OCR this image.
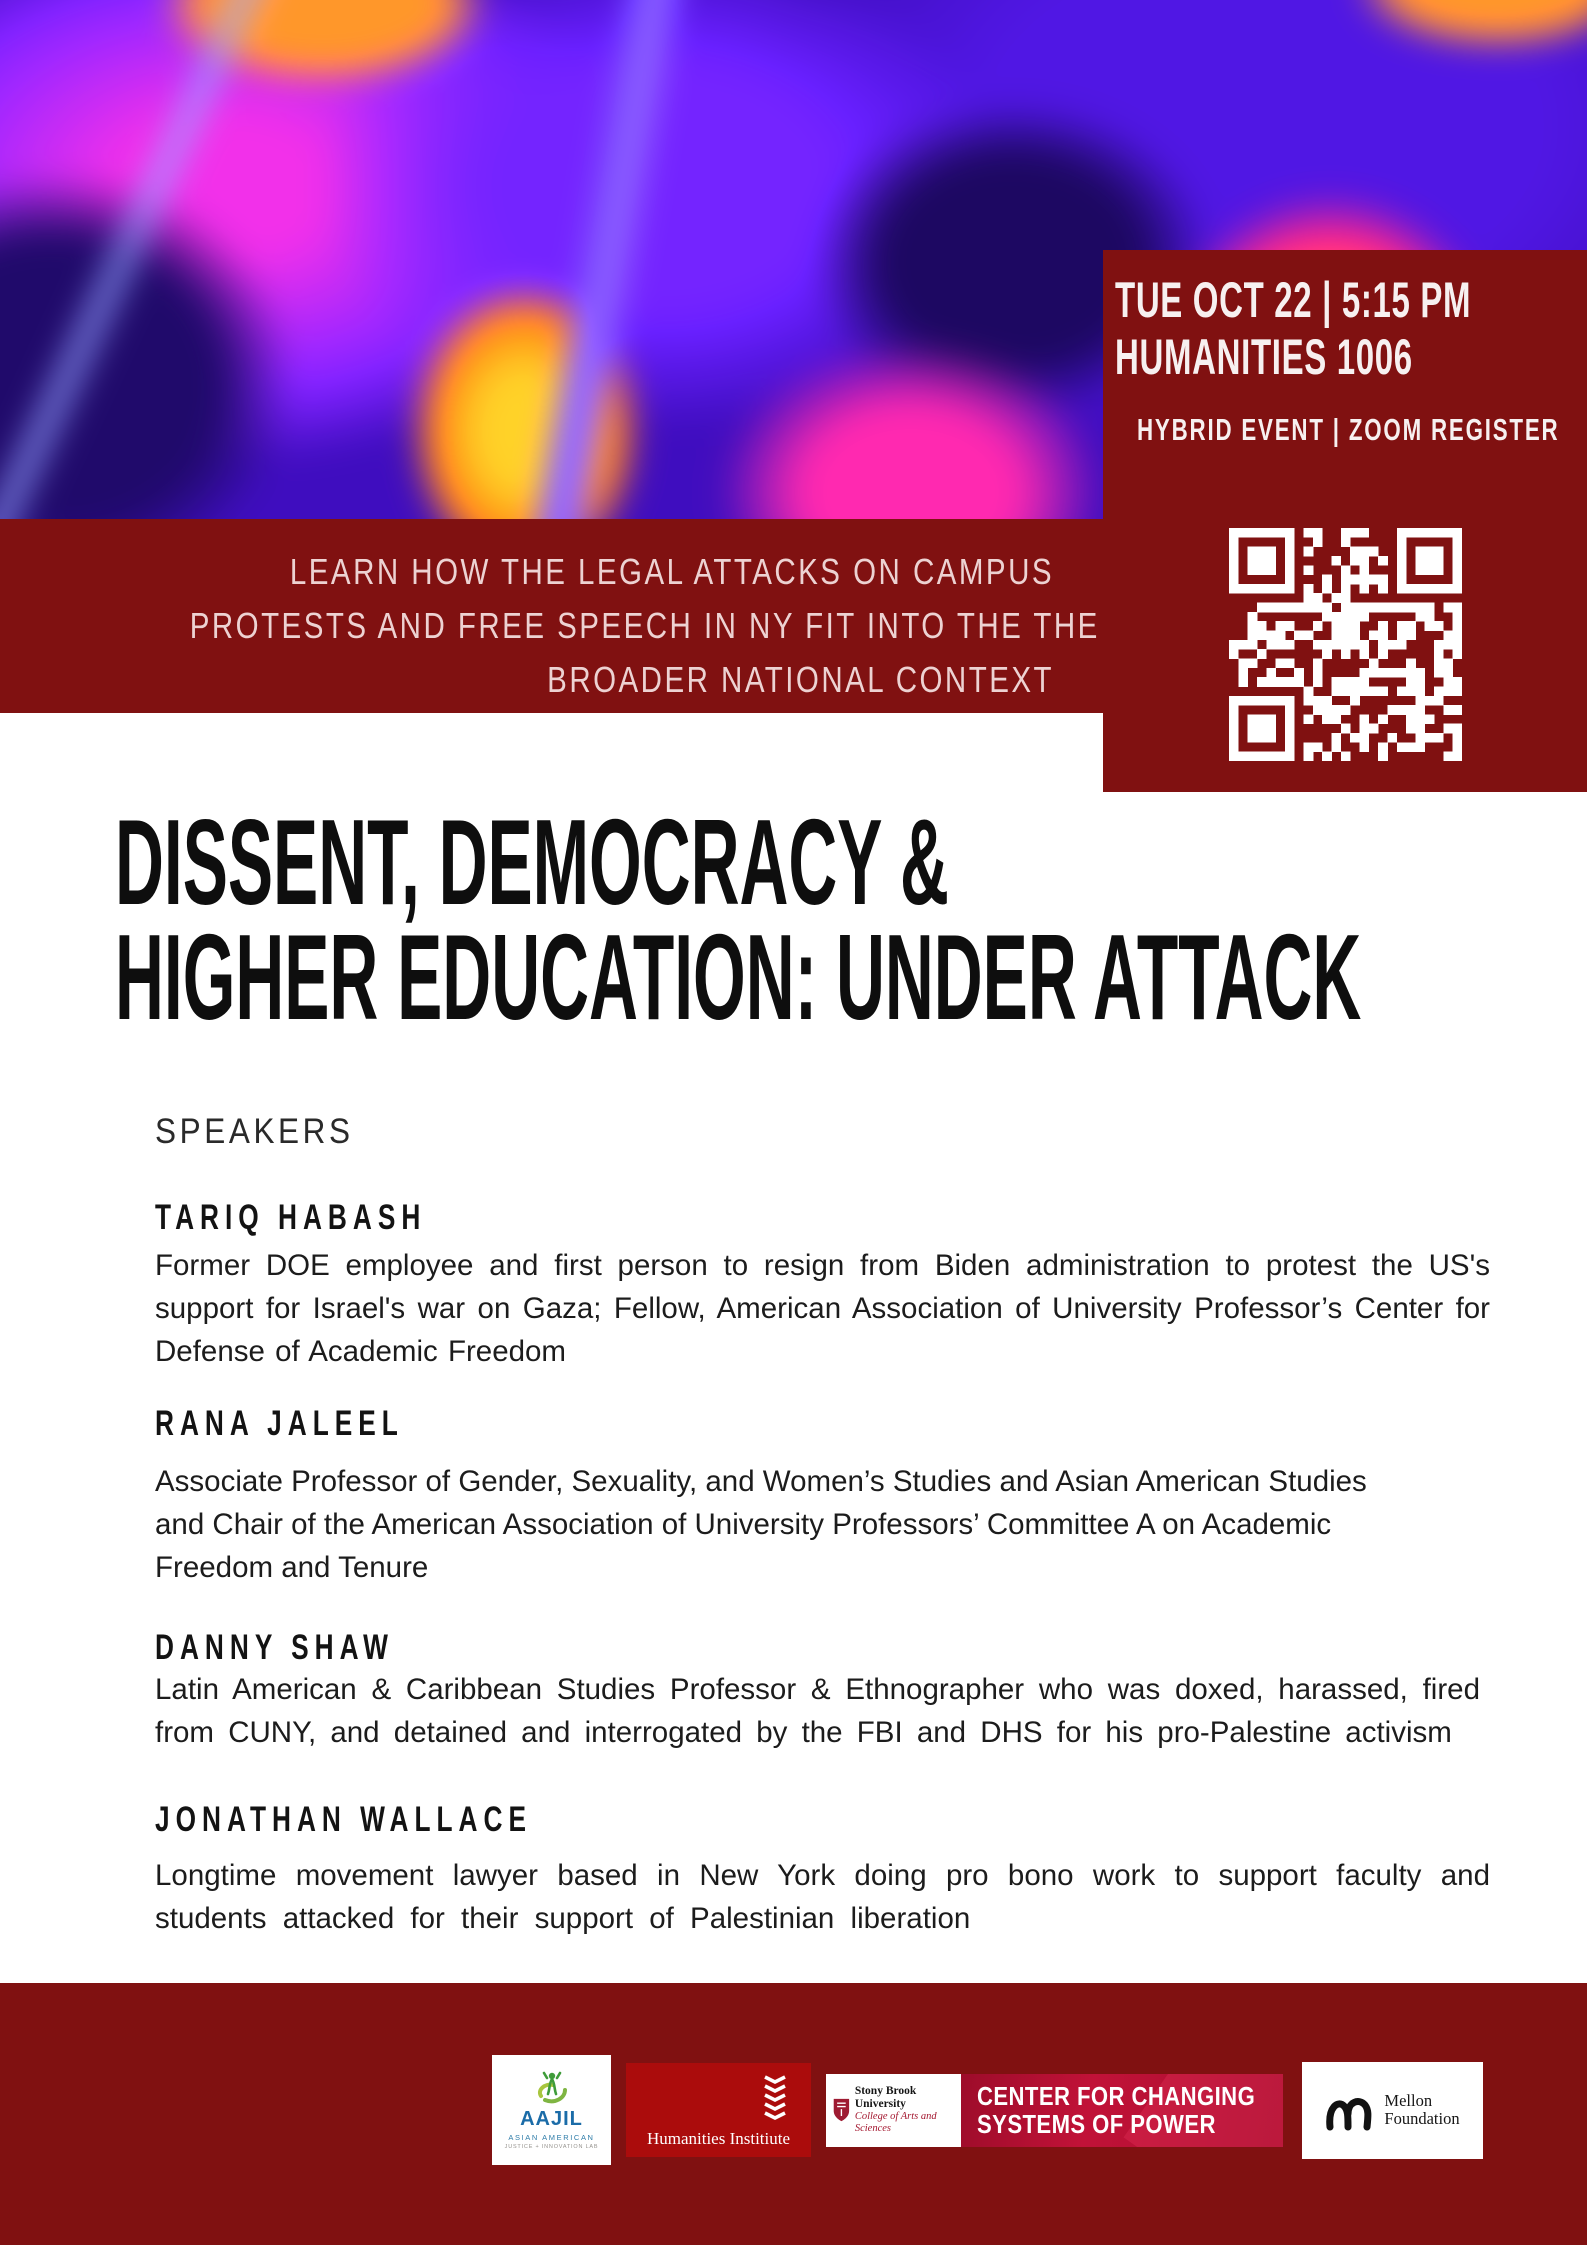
LEARN HOW THE LEGAL ATTACKS ON CAMPUS
PROTESTS AND FREE SPEECH IN NY FIT INTO THE THE
BROADER NATIONAL CONTEXT
TUE OCT 22 | 5:15 PM
HUMANITIES 1006
HYBRID EVENT | ZOOM REGISTER
DISSENT, DEMOCRACY &
HIGHER EDUCATION: UNDER ATTACK
SPEAKERS
TARIQ HABASH
Former DOE employee and first person to resign from Biden administration to protest the US's support for Israel's war on Gaza; Fellow, American Association of University Professor’s Center for Defense of Academic Freedom
RANA JALEEL
Associate Professor of Gender, Sexuality, and Women’s Studies and Asian American Studies and Chair of the American Association of University Professors’ Committee A on Academic Freedom and Tenure
DANNY SHAW
Latin American & Caribbean Studies Professor & Ethnographer who was doxed, harassed, fired from CUNY, and detained and interrogated by the FBI and DHS for his pro-Palestine activism
JONATHAN WALLACE
Longtime movement lawyer based in New York doing pro bono work to support faculty and students attacked for their support of Palestinian liberation
AAJIL
ASIAN AMERICAN
JUSTICE + INNOVATION LAB	Humanities Institiute
Stony Brook University
College of Arts and Sciences
CENTER FOR CHANGING
SYSTEMS OF POWER
Mellon
Foundation
